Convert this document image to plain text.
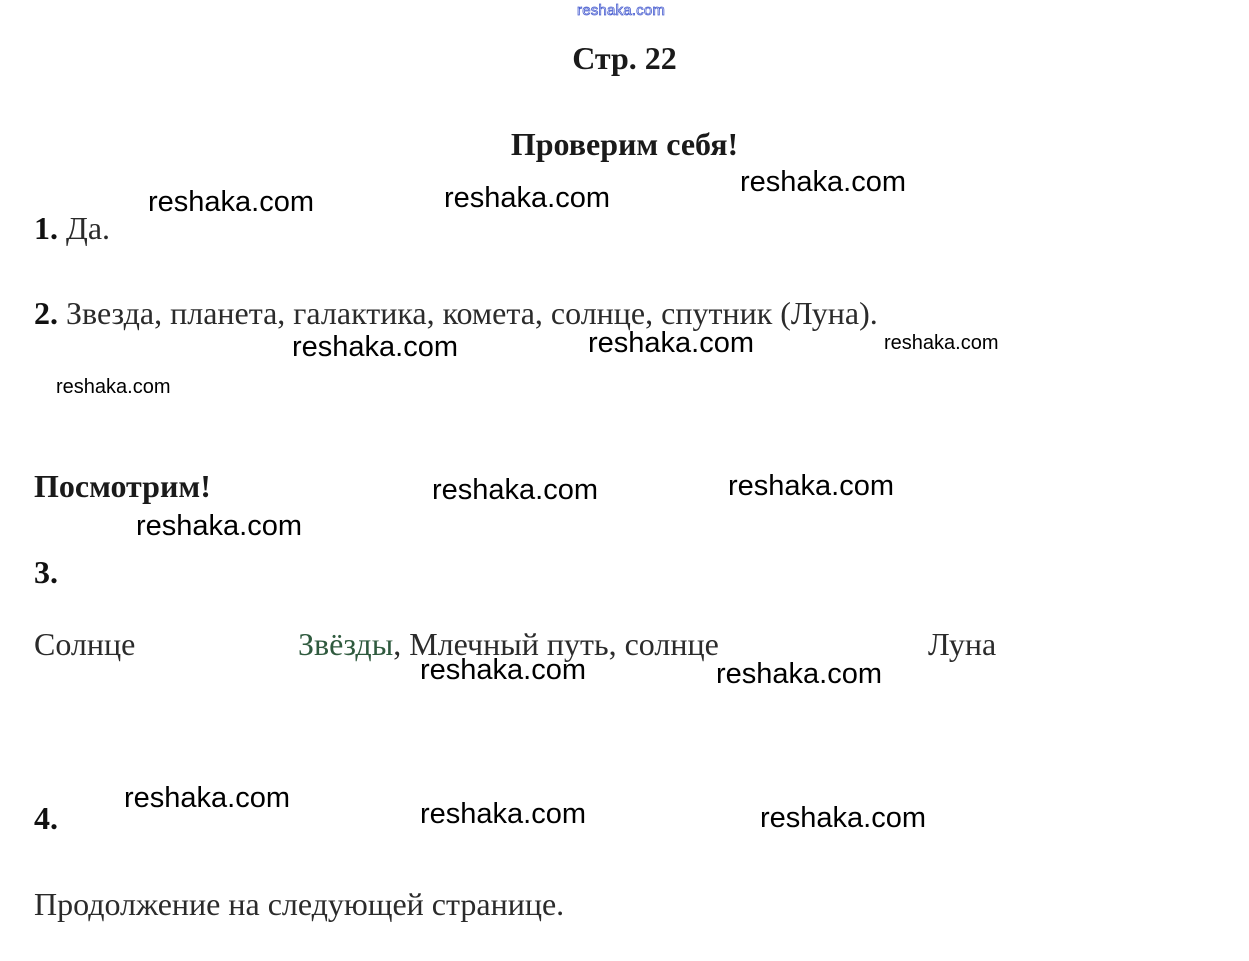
reshaka.com
Стр. 22
Проверим себя!
1. Да.
2. Звезда, планета, галактика, комета, солнце, спутник (Луна).
Посмотрим!
3.
Солнце	Звёзды, Млечный путь, солнце	Луна
4.
Продолжение на следующей странице.
reshaka.com	reshaka.com	reshaka.com
reshaka.com	reshaka.com	reshaka.com
reshaka.com
reshaka.com	reshaka.com
reshaka.com
reshaka.com	reshaka.com
reshaka.com	reshaka.com	reshaka.com
